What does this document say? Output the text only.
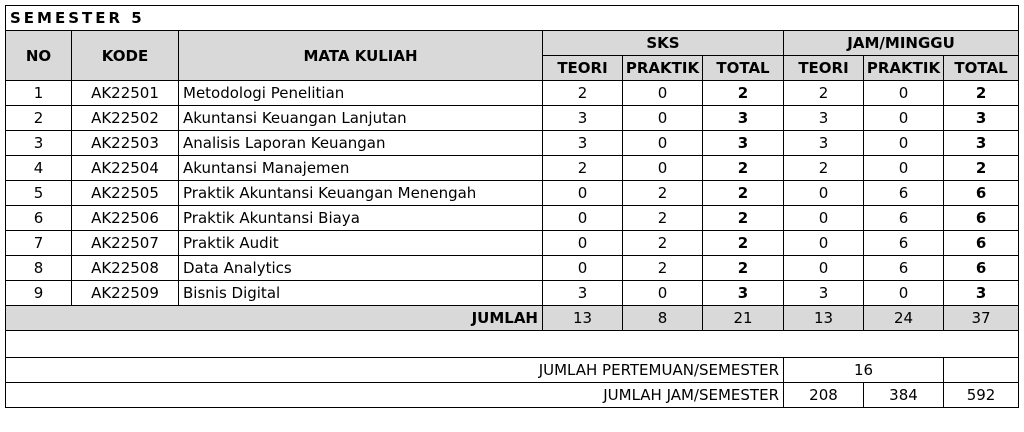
SEMESTER 5								
NO	KODE	MATA KULIAH	SKS			JAM/MINGGU		
			TEORI	PRAKTIK	TOTAL	TEORI	PRAKTIK	TOTAL
1	AK22501	Metodologi Penelitian	2	0	2	2	0	2
2	AK22502	Akuntansi Keuangan Lanjutan	3	0	3	3	0	3
3	AK22503	Analisis Laporan Keuangan	3	0	3	3	0	3
4	AK22504	Akuntansi Manajemen	2	0	2	2	0	2
5	AK22505	Praktik Akuntansi Keuangan Menengah	0	2	2	0	6	6
6	AK22506	Praktik Akuntansi Biaya	0	2	2	0	6	6
7	AK22507	Praktik Audit	0	2	2	0	6	6
8	AK22508	Data Analytics	0	2	2	0	6	6
9	AK22509	Bisnis Digital	3	0	3	3	0	3
JUMLAH			13	8	21	13	24	37

JUMLAH PERTEMUAN/SEMESTER						16		
JUMLAH JAM/SEMESTER						208	384	592
